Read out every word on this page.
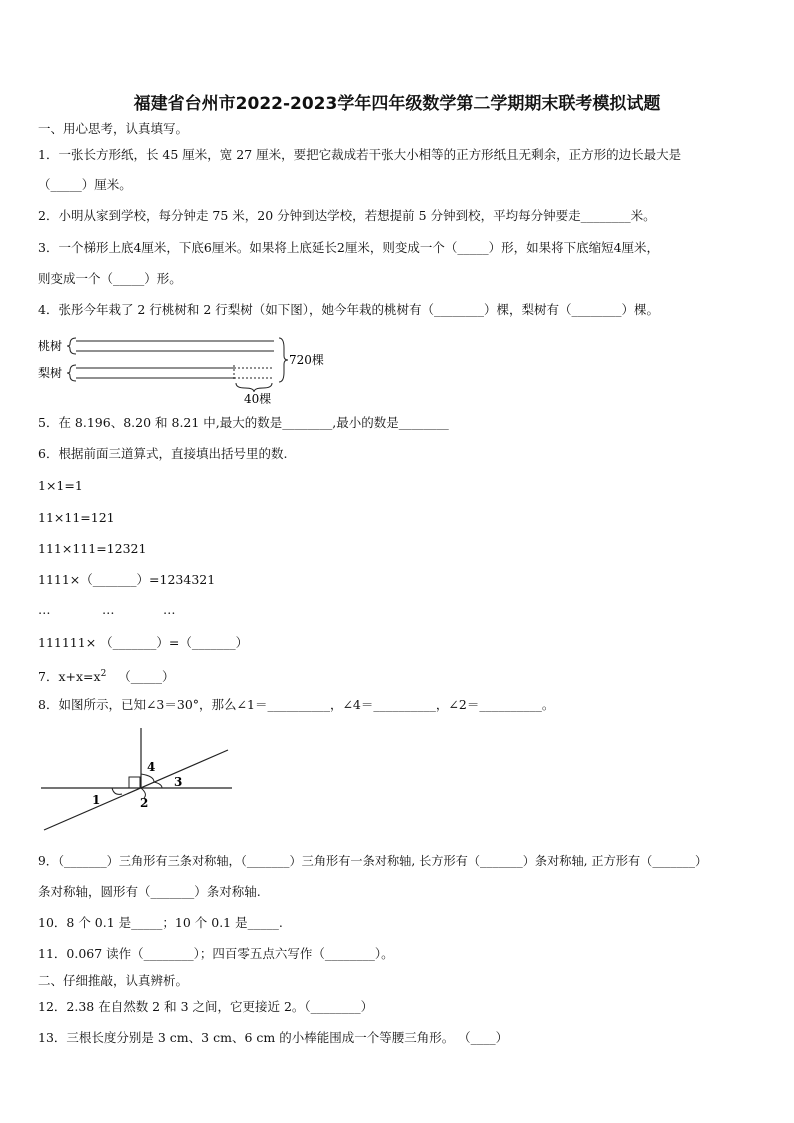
福建省台州市2022-2023学年四年级数学第二学期期末联考模拟试题
一、用心思考，认真填写。
1．一张长方形纸，长 45 厘米，宽 27 厘米，要把它裁成若干张大小相等的正方形纸且无剩余，正方形的边长最大是
（_____）厘米。
2．小明从家到学校，每分钟走 75 米，20 分钟到达学校，若想提前 5 分钟到校，平均每分钟要走________米。
3．一个梯形上底4厘米，下底6厘米。如果将上底延长2厘米，则变成一个（_____）形，如果将下底缩短4厘米，
则变成一个（_____）形。
4．张彤今年栽了 2 行桃树和 2 行梨树（如下图），她今年栽的桃树有（________）棵，梨树有（________）棵。
桃树
梨树
40棵
720棵
5．在 8.196、8.20 和 8.21 中,最大的数是________,最小的数是________
6．根据前面三道算式，直接填出括号里的数.
1×1=1
11×11=121
111×111=12321
1111×（_______）=1234321
…	…	…
111111× （_______）=（_______）
7．$x+x=x^2$ （_____）
8．如图所示，已知∠3＝30°，那么∠1＝__________，∠4＝__________，∠2＝__________。
1	2
3
4
9．（_______）三角形有三条对称轴，（_______）三角形有一条对称轴, 长方形有（_______）条对称轴, 正方形有（_______）
条对称轴，圆形有（_______）条对称轴.
10．8 个 0.1 是_____；10 个 0.1 是_____.
11．0.067 读作（________）；四百零五点六写作（________）。
二、仔细推敲，认真辨析。
12．2.38 在自然数 2 和 3 之间，它更接近 2。（________）
13．三根长度分别是 3 cm、3 cm、6 cm 的小棒能围成一个等腰三角形。 （____）
